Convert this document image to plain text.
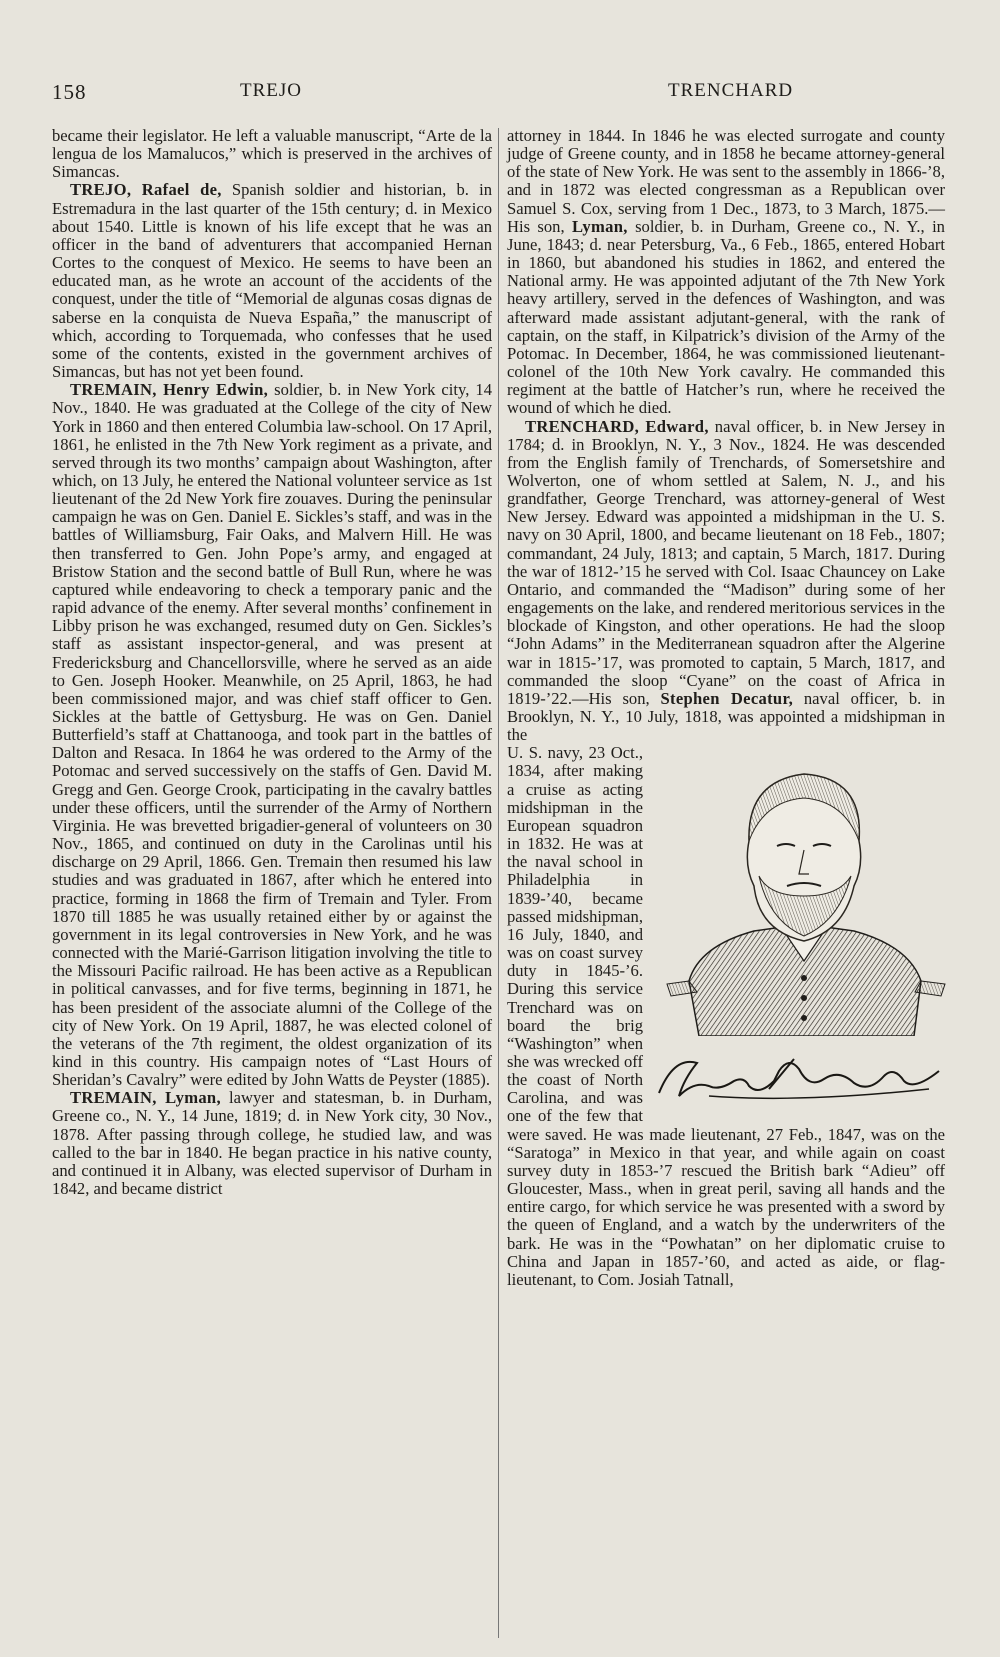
158	TREJO	TRENCHARD

became their legislator. He left a valuable manuscript, “Arte de la lengua de los Mamalucos,” which is preserved in the archives of Simancas.

TREJO, Rafael de, Spanish soldier and historian, b. in Estremadura in the last quarter of the 15th century; d. in Mexico about 1540. Little is known of his life except that he was an officer in the band of adventurers that accompanied Hernan Cortes to the conquest of Mexico. He seems to have been an educated man, as he wrote an account of the accidents of the conquest, under the title of “Memorial de algunas cosas dignas de saberse en la conquista de Nueva España,” the manuscript of which, according to Torquemada, who confesses that he used some of the contents, existed in the government archives of Simancas, but has not yet been found.

TREMAIN, Henry Edwin, soldier, b. in New York city, 14 Nov., 1840. He was graduated at the College of the city of New York in 1860 and then entered Columbia law-school. On 17 April, 1861, he enlisted in the 7th New York regiment as a private, and served through its two months’ campaign about Washington, after which, on 13 July, he entered the National volunteer service as 1st lieutenant of the 2d New York fire zouaves. During the peninsular campaign he was on Gen. Daniel E. Sickles’s staff, and was in the battles of Williamsburg, Fair Oaks, and Malvern Hill. He was then transferred to Gen. John Pope’s army, and engaged at Bristow Station and the second battle of Bull Run, where he was captured while endeavoring to check a temporary panic and the rapid advance of the enemy. After several months’ confinement in Libby prison he was exchanged, resumed duty on Gen. Sickles’s staff as assistant inspector-general, and was present at Fredericksburg and Chancellorsville, where he served as an aide to Gen. Joseph Hooker. Meanwhile, on 25 April, 1863, he had been commissioned major, and was chief staff officer to Gen. Sickles at the battle of Gettysburg. He was on Gen. Daniel Butterfield’s staff at Chattanooga, and took part in the battles of Dalton and Resaca. In 1864 he was ordered to the Army of the Potomac and served successively on the staffs of Gen. David M. Gregg and Gen. George Crook, participating in the cavalry battles under these officers, until the surrender of the Army of Northern Virginia. He was brevetted brigadier-general of volunteers on 30 Nov., 1865, and continued on duty in the Carolinas until his discharge on 29 April, 1866. Gen. Tremain then resumed his law studies and was graduated in 1867, after which he entered into practice, forming in 1868 the firm of Tremain and Tyler. From 1870 till 1885 he was usually retained either by or against the government in its legal controversies in New York, and he was connected with the Marié-Garrison litigation involving the title to the Missouri Pacific railroad. He has been active as a Republican in political canvasses, and for five terms, beginning in 1871, he has been president of the associate alumni of the College of the city of New York. On 19 April, 1887, he was elected colonel of the veterans of the 7th regiment, the oldest organization of its kind in this country. His campaign notes of “Last Hours of Sheridan’s Cavalry” were edited by John Watts de Peyster (1885).

TREMAIN, Lyman, lawyer and statesman, b. in Durham, Greene co., N. Y., 14 June, 1819; d. in New York city, 30 Nov., 1878. After passing through college, he studied law, and was called to the bar in 1840. He began practice in his native county, and continued it in Albany, was elected supervisor of Durham in 1842, and became district

attorney in 1844. In 1846 he was elected surrogate and county judge of Greene county, and in 1858 he became attorney-general of the state of New York. He was sent to the assembly in 1866-’8, and in 1872 was elected congressman as a Republican over Samuel S. Cox, serving from 1 Dec., 1873, to 3 March, 1875.—His son, Lyman, soldier, b. in Durham, Greene co., N. Y., in June, 1843; d. near Petersburg, Va., 6 Feb., 1865, entered Hobart in 1860, but abandoned his studies in 1862, and entered the National army. He was appointed adjutant of the 7th New York heavy artillery, served in the defences of Washington, and was afterward made assistant adjutant-general, with the rank of captain, on the staff, in Kilpatrick’s division of the Army of the Potomac. In December, 1864, he was commissioned lieutenant-colonel of the 10th New York cavalry. He commanded this regiment at the battle of Hatcher’s run, where he received the wound of which he died.

TRENCHARD, Edward, naval officer, b. in New Jersey in 1784; d. in Brooklyn, N. Y., 3 Nov., 1824. He was descended from the English family of Trenchards, of Somersetshire and Wolverton, one of whom settled at Salem, N. J., and his grandfather, George Trenchard, was attorney-general of West New Jersey. Edward was appointed a midshipman in the U. S. navy on 30 April, 1800, and became lieutenant on 18 Feb., 1807; commandant, 24 July, 1813; and captain, 5 March, 1817. During the war of 1812-’15 he served with Col. Isaac Chauncey on Lake Ontario, and commanded the “Madison” during some of her engagements on the lake, and rendered meritorious services in the blockade of Kingston, and other operations. He had the sloop “John Adams” in the Mediterranean squadron after the Algerine war in 1815-’17, was promoted to captain, 5 March, 1817, and commanded the sloop “Cyane” on the coast of Africa in 1819-’22.—His son, Stephen Decatur, naval officer, b. in Brooklyn, N. Y., 10 July, 1818, was appointed a midshipman in the

U. S. navy, 23 Oct., 1834, after making a cruise as acting midshipman in the European squadron in 1832. He was at the naval school in Philadelphia in 1839-’40, became passed midshipman, 16 July, 1840, and was on coast survey duty in 1845-’6. During this service Trenchard was on board the brig “Washington” when she was wrecked off the coast of North Carolina, and was one of the few that were saved. He was made lieutenant, 27 Feb., 1847, was on the “Saratoga” in Mexico in that year, and while again on coast survey duty in 1853-’7 rescued the British bark “Adieu” off Gloucester, Mass., when in great peril, saving all hands and the entire cargo, for which service he was presented with a sword by the queen of England, and a watch by the underwriters of the bark. He was in the “Powhatan” on her diplomatic cruise to China and Japan in 1857-’60, and acted as aide, or flag-lieutenant, to Com. Josiah Tatnall,
